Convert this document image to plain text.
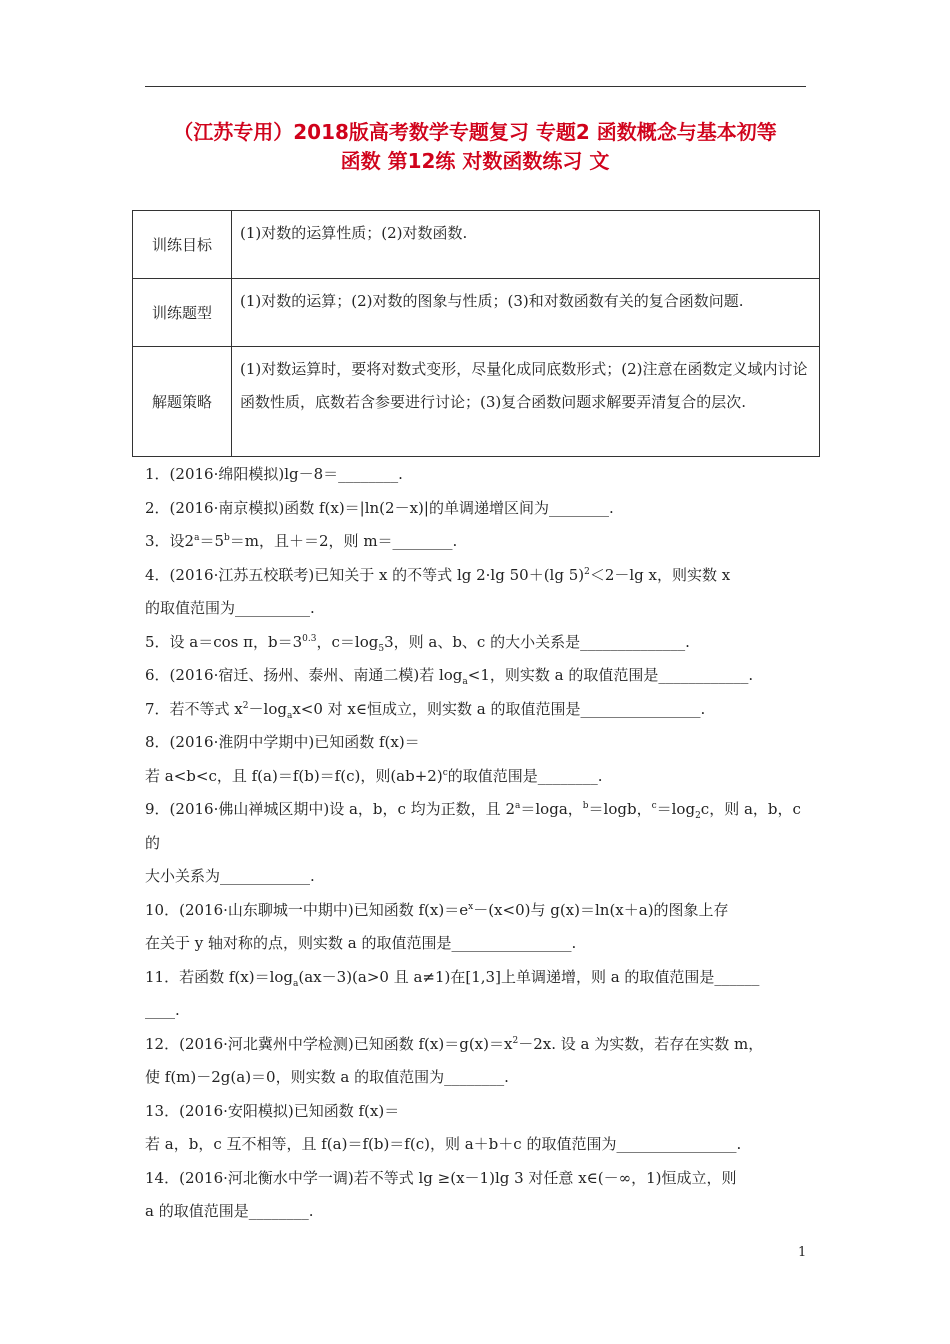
（江苏专用）2018版高考数学专题复习 专题2 函数概念与基本初等
函数 第12练 对数函数练习 文
训练目标	(1)对数的运算性质；(2)对数函数.
训练题型	(1)对数的运算；(2)对数的图象与性质；(3)和对数函数有关的复合函数问题.
解题策略	(1)对数运算时，要将对数式变形，尽量化成同底数形式；(2)注意在函数定义域内讨论函数性质，底数若含参要进行讨论；(3)复合函数问题求解要弄清复合的层次.

1．(2016·绵阳模拟)lg－8＝________.

2．(2016·南京模拟)函数 f(x)＝|ln(2－x)|的单调递增区间为________.

3．设$2^a=5^b=m$，且＋＝2，则 m＝________.

4．(2016·江苏五校联考)已知关于 x 的不等式 lg 2·lg 50＋(lg 5)$^2$＜2－lg x，则实数 x

的取值范围为__________.

5．设 a＝cos π，$b=3^{0.3}$，$c=\log_53$，则 a、b、c 的大小关系是______________.

6．(2016·宿迁、扬州、泰州、南通二模)若 $\log_a<1$，则实数 a 的取值范围是____________.

7．若不等式 $x^2-\log_ax<0$ 对 x∈恒成立，则实数 a 的取值范围是________________.

8．(2016·淮阴中学期中)已知函数 f(x)＝

若 a<b<c，且 f(a)＝f(b)＝f(c)，则$(ab+2)^c$的取值范围是________.

9．(2016·佛山禅城区期中)设 a，b，c 均为正数，且 $2^a=\log a$，$^b$＝logb，$^c=\log_2c$，则 a，b，c 的

大小关系为____________.

10．(2016·山东聊城一中期中)已知函数 $f(x)=e^x-(x<0)$与 g(x)＝ln(x＋a)的图象上存

在关于 y 轴对称的点，则实数 a 的取值范围是________________.

11．若函数 $f(x)=\log_a(ax-3)(a>0$ 且 a≠1)在[1,3]上单调递增，则 a 的取值范围是______

____.

12．(2016·河北冀州中学检测)已知函数 $f(x)=g(x)=x^2-2x$. 设 a 为实数，若存在实数 m，

使 f(m)－2g(a)＝0，则实数 a 的取值范围为________.

13．(2016·安阳模拟)已知函数 f(x)＝

若 a，b，c 互不相等，且 f(a)＝f(b)＝f(c)，则 a＋b＋c 的取值范围为________________.

14．(2016·河北衡水中学一调)若不等式 lg ≥(x－1)lg 3 对任意 x∈(－∞，1)恒成立，则

a 的取值范围是________.

1
